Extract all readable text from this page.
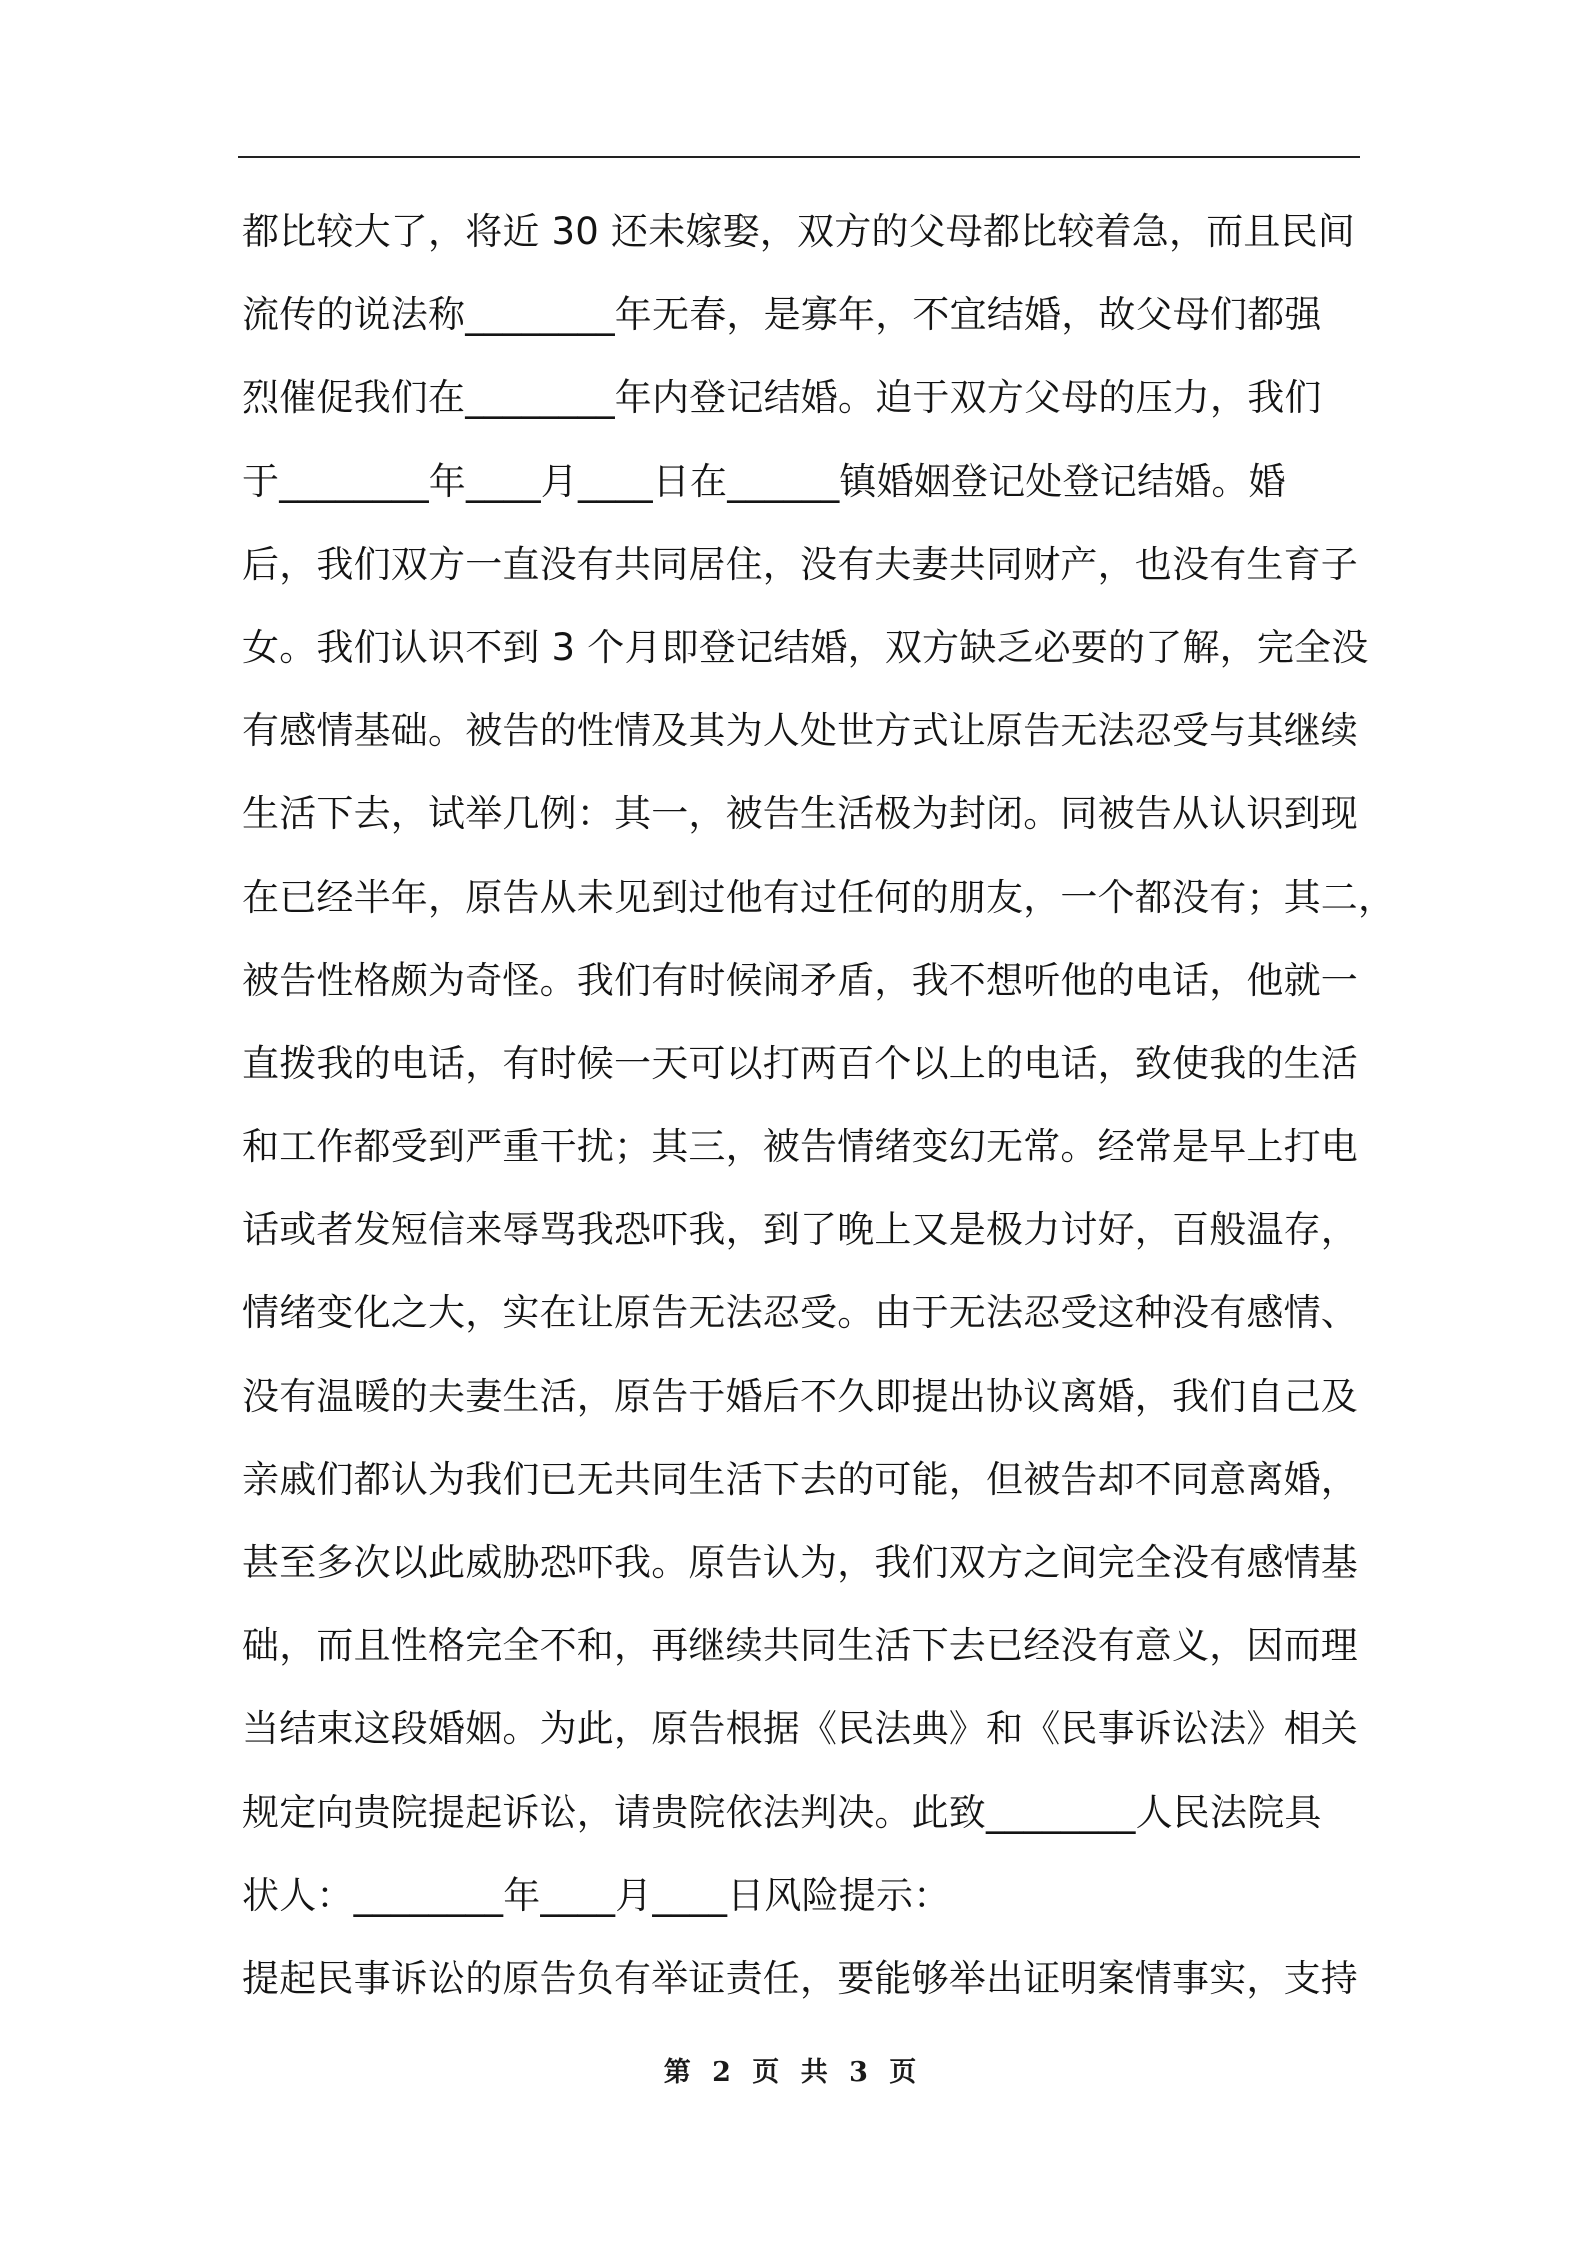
都比较大了，将近 30 还未嫁娶，双方的父母都比较着急，而且民间
流传的说法称________年无春，是寡年，不宜结婚，故父母们都强
烈催促我们在________年内登记结婚。迫于双方父母的压力，我们
于________年____月____日在______镇婚姻登记处登记结婚。婚
后，我们双方一直没有共同居住，没有夫妻共同财产，也没有生育子
女。我们认识不到 3 个月即登记结婚，双方缺乏必要的了解，完全没
有感情基础。被告的性情及其为人处世方式让原告无法忍受与其继续
生活下去，试举几例：其一，被告生活极为封闭。同被告从认识到现
在已经半年，原告从未见到过他有过任何的朋友，一个都没有；其二，
被告性格颇为奇怪。我们有时候闹矛盾，我不想听他的电话，他就一
直拨我的电话，有时候一天可以打两百个以上的电话，致使我的生活
和工作都受到严重干扰；其三，被告情绪变幻无常。经常是早上打电
话或者发短信来辱骂我恐吓我，到了晚上又是极力讨好，百般温存，
情绪变化之大，实在让原告无法忍受。由于无法忍受这种没有感情、
没有温暖的夫妻生活，原告于婚后不久即提出协议离婚，我们自己及
亲戚们都认为我们已无共同生活下去的可能，但被告却不同意离婚，
甚至多次以此威胁恐吓我。原告认为，我们双方之间完全没有感情基
础，而且性格完全不和，再继续共同生活下去已经没有意义，因而理
当结束这段婚姻。为此，原告根据《民法典》和《民事诉讼法》相关
规定向贵院提起诉讼，请贵院依法判决。此致________人民法院具
状人：________年____月____日风险提示：
提起民事诉讼的原告负有举证责任，要能够举出证明案情事实，支持
第 2 页 共 3 页
